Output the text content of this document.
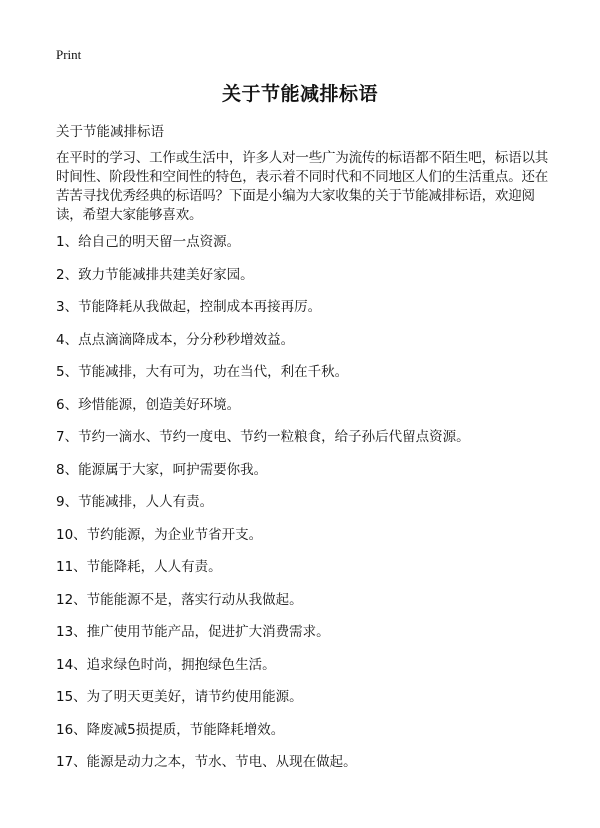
Print
关于节能减排标语

关于节能减排标语

在平时的学习、工作或生活中，许多人对一些广为流传的标语都不陌生吧，标语以其时间性、阶段性和空间性的特色，表示着不同时代和不同地区人们的生活重点。还在苦苦寻找优秀经典的标语吗？下面是小编为大家收集的关于节能减排标语，欢迎阅读，希望大家能够喜欢。

1、给自己的明天留一点资源。
2、致力节能减排共建美好家园。
3、节能降耗从我做起，控制成本再接再厉。
4、点点滴滴降成本，分分秒秒增效益。
5、节能减排，大有可为，功在当代，利在千秋。
6、珍惜能源，创造美好环境。
7、节约一滴水、节约一度电、节约一粒粮食，给子孙后代留点资源。
8、能源属于大家，呵护需要你我。
9、节能减排，人人有责。
10、节约能源，为企业节省开支。
11、节能降耗，人人有责。
12、节能能源不是，落实行动从我做起。
13、推广使用节能产品，促进扩大消费需求。
14、追求绿色时尚，拥抱绿色生活。
15、为了明天更美好，请节约使用能源。
16、降废减5损提质，节能降耗增效。
17、能源是动力之本，节水、节电、从现在做起。
